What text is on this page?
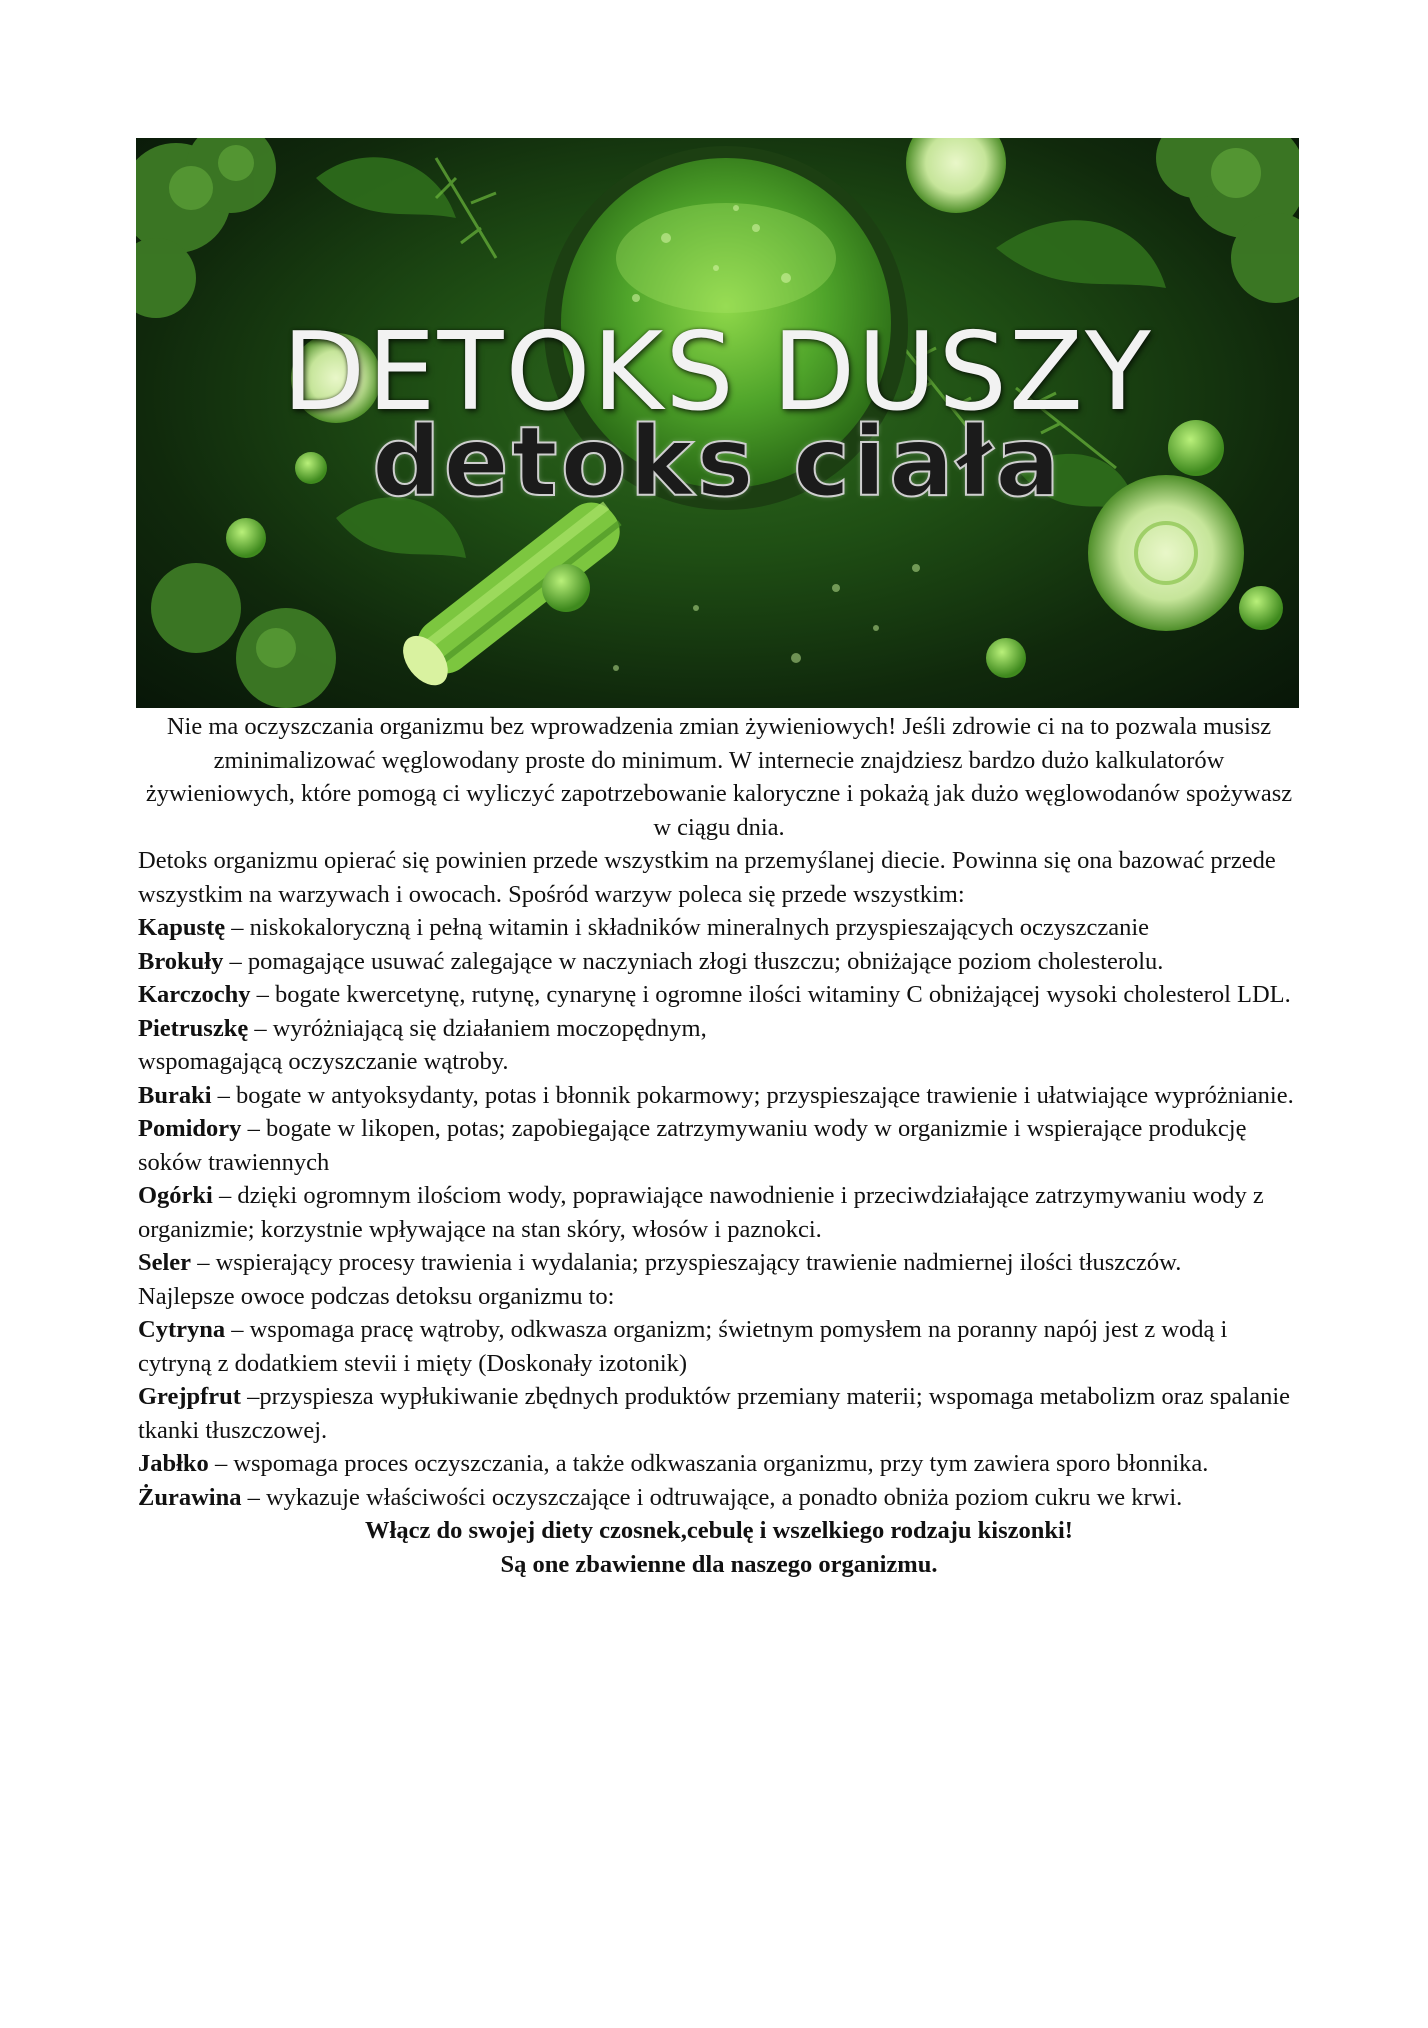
DETOKS DUSZY
detoks ciała

Nie ma oczyszczania organizmu bez wprowadzenia zmian żywieniowych! Jeśli zdrowie ci na to pozwala musisz zminimalizować węglowodany proste do minimum. W internecie znajdziesz bardzo dużo kalkulatorów żywieniowych, które pomogą ci wyliczyć zapotrzebowanie kaloryczne i pokażą jak dużo węglowodanów spożywasz w ciągu dnia.

Detoks organizmu opierać się powinien przede wszystkim na przemyślanej diecie. Powinna się ona bazować przede wszystkim na warzywach i owocach. Spośród warzyw poleca się przede wszystkim:

Kapustę – niskokaloryczną i pełną witamin i składników mineralnych przyspieszających oczyszczanie

Brokuły – pomagające usuwać zalegające w naczyniach złogi tłuszczu; obniżające poziom cholesterolu.

Karczochy – bogate kwercetynę, rutynę, cynarynę i ogromne ilości witaminy C obniżającej wysoki cholesterol LDL.

Pietruszkę – wyróżniającą się działaniem moczopędnym, wspomagającą oczyszczanie wątroby.

Buraki – bogate w antyoksydanty, potas i błonnik pokarmowy; przyspieszające trawienie i ułatwiające wypróżnianie.

Pomidory – bogate w likopen, potas; zapobiegające zatrzymywaniu wody w organizmie i wspierające produkcję soków trawiennych

Ogórki – dzięki ogromnym ilościom wody, poprawiające nawodnienie i przeciwdziałające zatrzymywaniu wody z organizmie; korzystnie wpływające na stan skóry, włosów i paznokci.

Seler – wspierający procesy trawienia i wydalania; przyspieszający trawienie nadmiernej ilości tłuszczów.

Najlepsze owoce podczas detoksu organizmu to:

Cytryna – wspomaga pracę wątroby, odkwasza organizm; świetnym pomysłem na poranny napój jest z wodą i cytryną z dodatkiem stevii i mięty (Doskonały izotonik)

Grejpfrut –przyspiesza wypłukiwanie zbędnych produktów przemiany materii; wspomaga metabolizm oraz spalanie tkanki tłuszczowej.

Jabłko – wspomaga proces oczyszczania, a także odkwaszania organizmu, przy tym zawiera sporo błonnika.

Żurawina – wykazuje właściwości oczyszczające i odtruwające, a ponadto obniża poziom cukru we krwi.

Włącz do swojej diety czosnek,cebulę i wszelkiego rodzaju kiszonki!

Są one zbawienne dla naszego organizmu.
